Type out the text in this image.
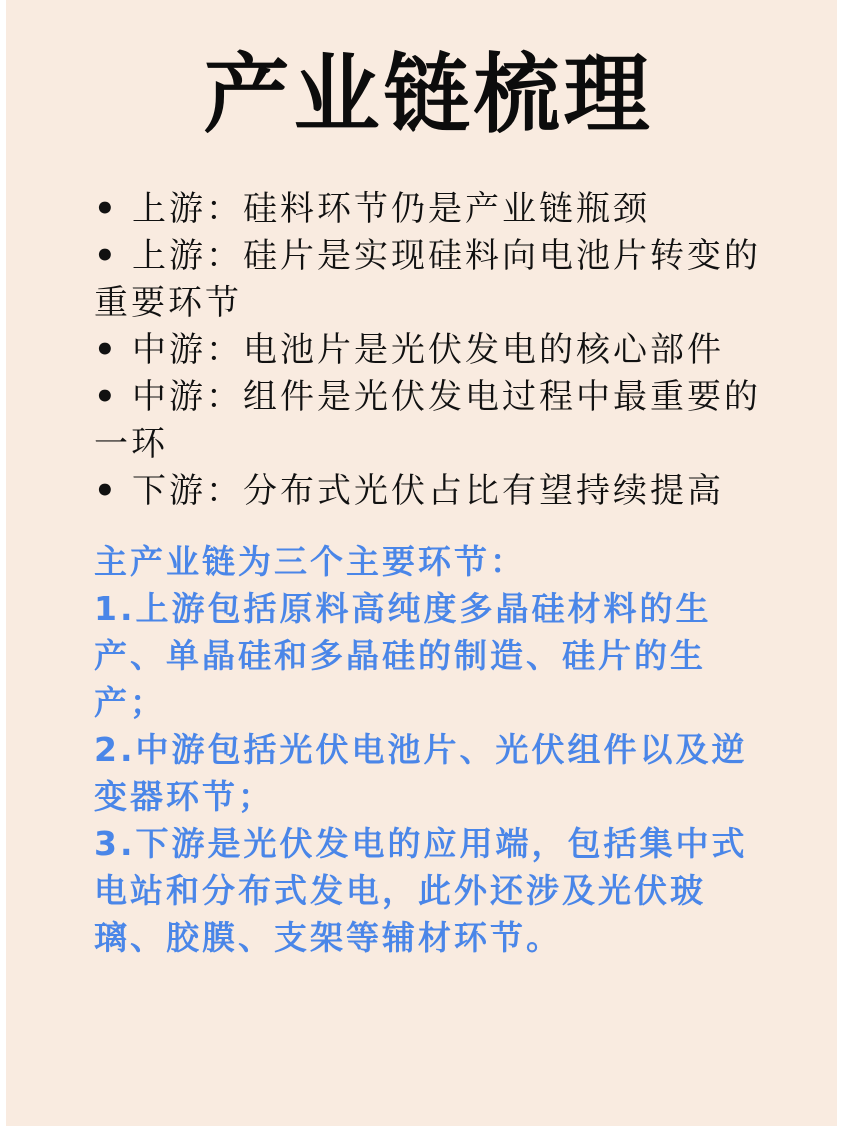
产业链梳理
• 上游：硅料环节仍是产业链瓶颈
• 上游：硅片是实现硅料向电池片转变的重要环节
• 中游：电池片是光伏发电的核心部件
• 中游：组件是光伏发电过程中最重要的一环
• 下游：分布式光伏占比有望持续提高

主产业链为三个主要环节：

1.上游包括原料高纯度多晶硅材料的生产、单晶硅和多晶硅的制造、硅片的生产；

2.中游包括光伏电池片、光伏组件以及逆变器环节；

3.下游是光伏发电的应用端，包括集中式电站和分布式发电，此外还涉及光伏玻璃、胶膜、支架等辅材环节。
